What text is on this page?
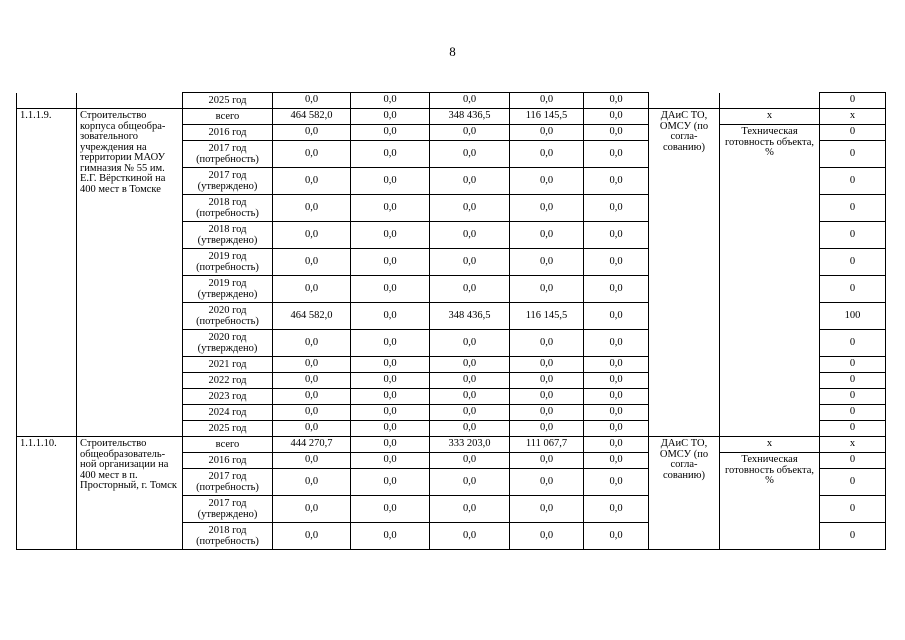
8
		2025 год	0,0	0,0	0,0	0,0	0,0			0
1.1.1.9.	Строительство корпуса общеобра-зовательного учреждения на территории МАОУ гимназия № 55 им. Е.Г. Вёрсткиной на 400 мест в Томске	всего	464 582,0	0,0	348 436,5	116 145,5	0,0	ДАиС ТО, ОМСУ (по согла-сованию)	х	х
		2016 год	0,0	0,0	0,0	0,0	0,0		Техническая готовность объекта, %	0
		2017 год (потребность)	0,0	0,0	0,0	0,0	0,0			0
		2017 год (утверждено)	0,0	0,0	0,0	0,0	0,0			0
		2018 год (потребность)	0,0	0,0	0,0	0,0	0,0			0
		2018 год (утверждено)	0,0	0,0	0,0	0,0	0,0			0
		2019 год (потребность)	0,0	0,0	0,0	0,0	0,0			0
		2019 год (утверждено)	0,0	0,0	0,0	0,0	0,0			0
		2020 год (потребность)	464 582,0	0,0	348 436,5	116 145,5	0,0			100
		2020 год (утверждено)	0,0	0,0	0,0	0,0	0,0			0
		2021 год	0,0	0,0	0,0	0,0	0,0			0
		2022 год	0,0	0,0	0,0	0,0	0,0			0
		2023 год	0,0	0,0	0,0	0,0	0,0			0
		2024 год	0,0	0,0	0,0	0,0	0,0			0
		2025 год	0,0	0,0	0,0	0,0	0,0			0
1.1.1.10.	Строительство общеобразователь-ной организации на 400 мест в п. Просторный, г. Томск	всего	444 270,7	0,0	333 203,0	111 067,7	0,0	ДАиС ТО, ОМСУ (по согла-сованию)	х	х
		2016 год	0,0	0,0	0,0	0,0	0,0		Техническая готовность объекта, %	0
		2017 год (потребность)	0,0	0,0	0,0	0,0	0,0			0
		2017 год (утверждено)	0,0	0,0	0,0	0,0	0,0			0
		2018 год (потребность)	0,0	0,0	0,0	0,0	0,0			0
